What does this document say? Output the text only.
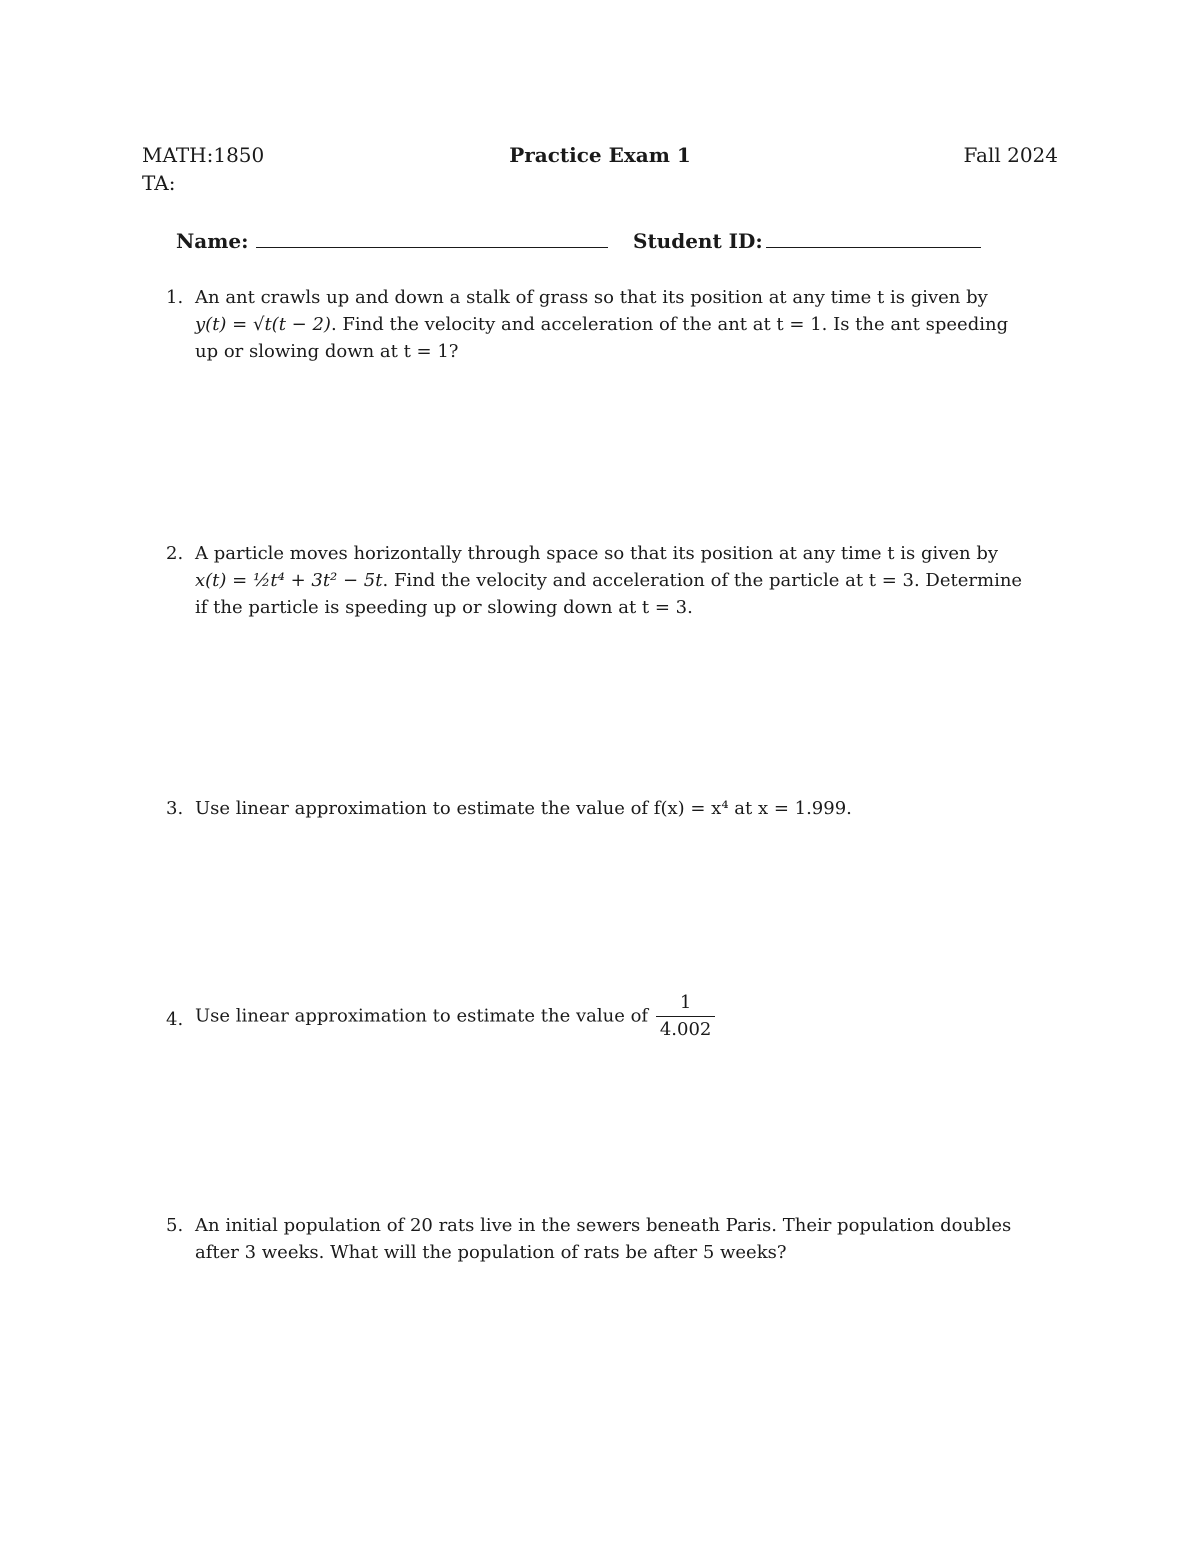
MATH:1850	Practice Exam 1	Fall 2024
TA:
Name:	Student ID:
1. An ant crawls up and down a stalk of grass so that its position at any time t is given by
y(t) = √t(t − 2). Find the velocity and acceleration of the ant at t = 1. Is the ant speeding
up or slowing down at t = 1?
2. A particle moves horizontally through space so that its position at any time t is given by
x(t) = ½t⁴ + 3t² − 5t. Find the velocity and acceleration of the particle at t = 3. Determine
if the particle is speeding up or slowing down at t = 3.
3. Use linear approximation to estimate the value of f(x) = x⁴ at x = 1.999.
4. Use linear approximation to estimate the value of $\frac{1}{4.002}$
5. An initial population of 20 rats live in the sewers beneath Paris. Their population doubles
after 3 weeks. What will the population of rats be after 5 weeks?
